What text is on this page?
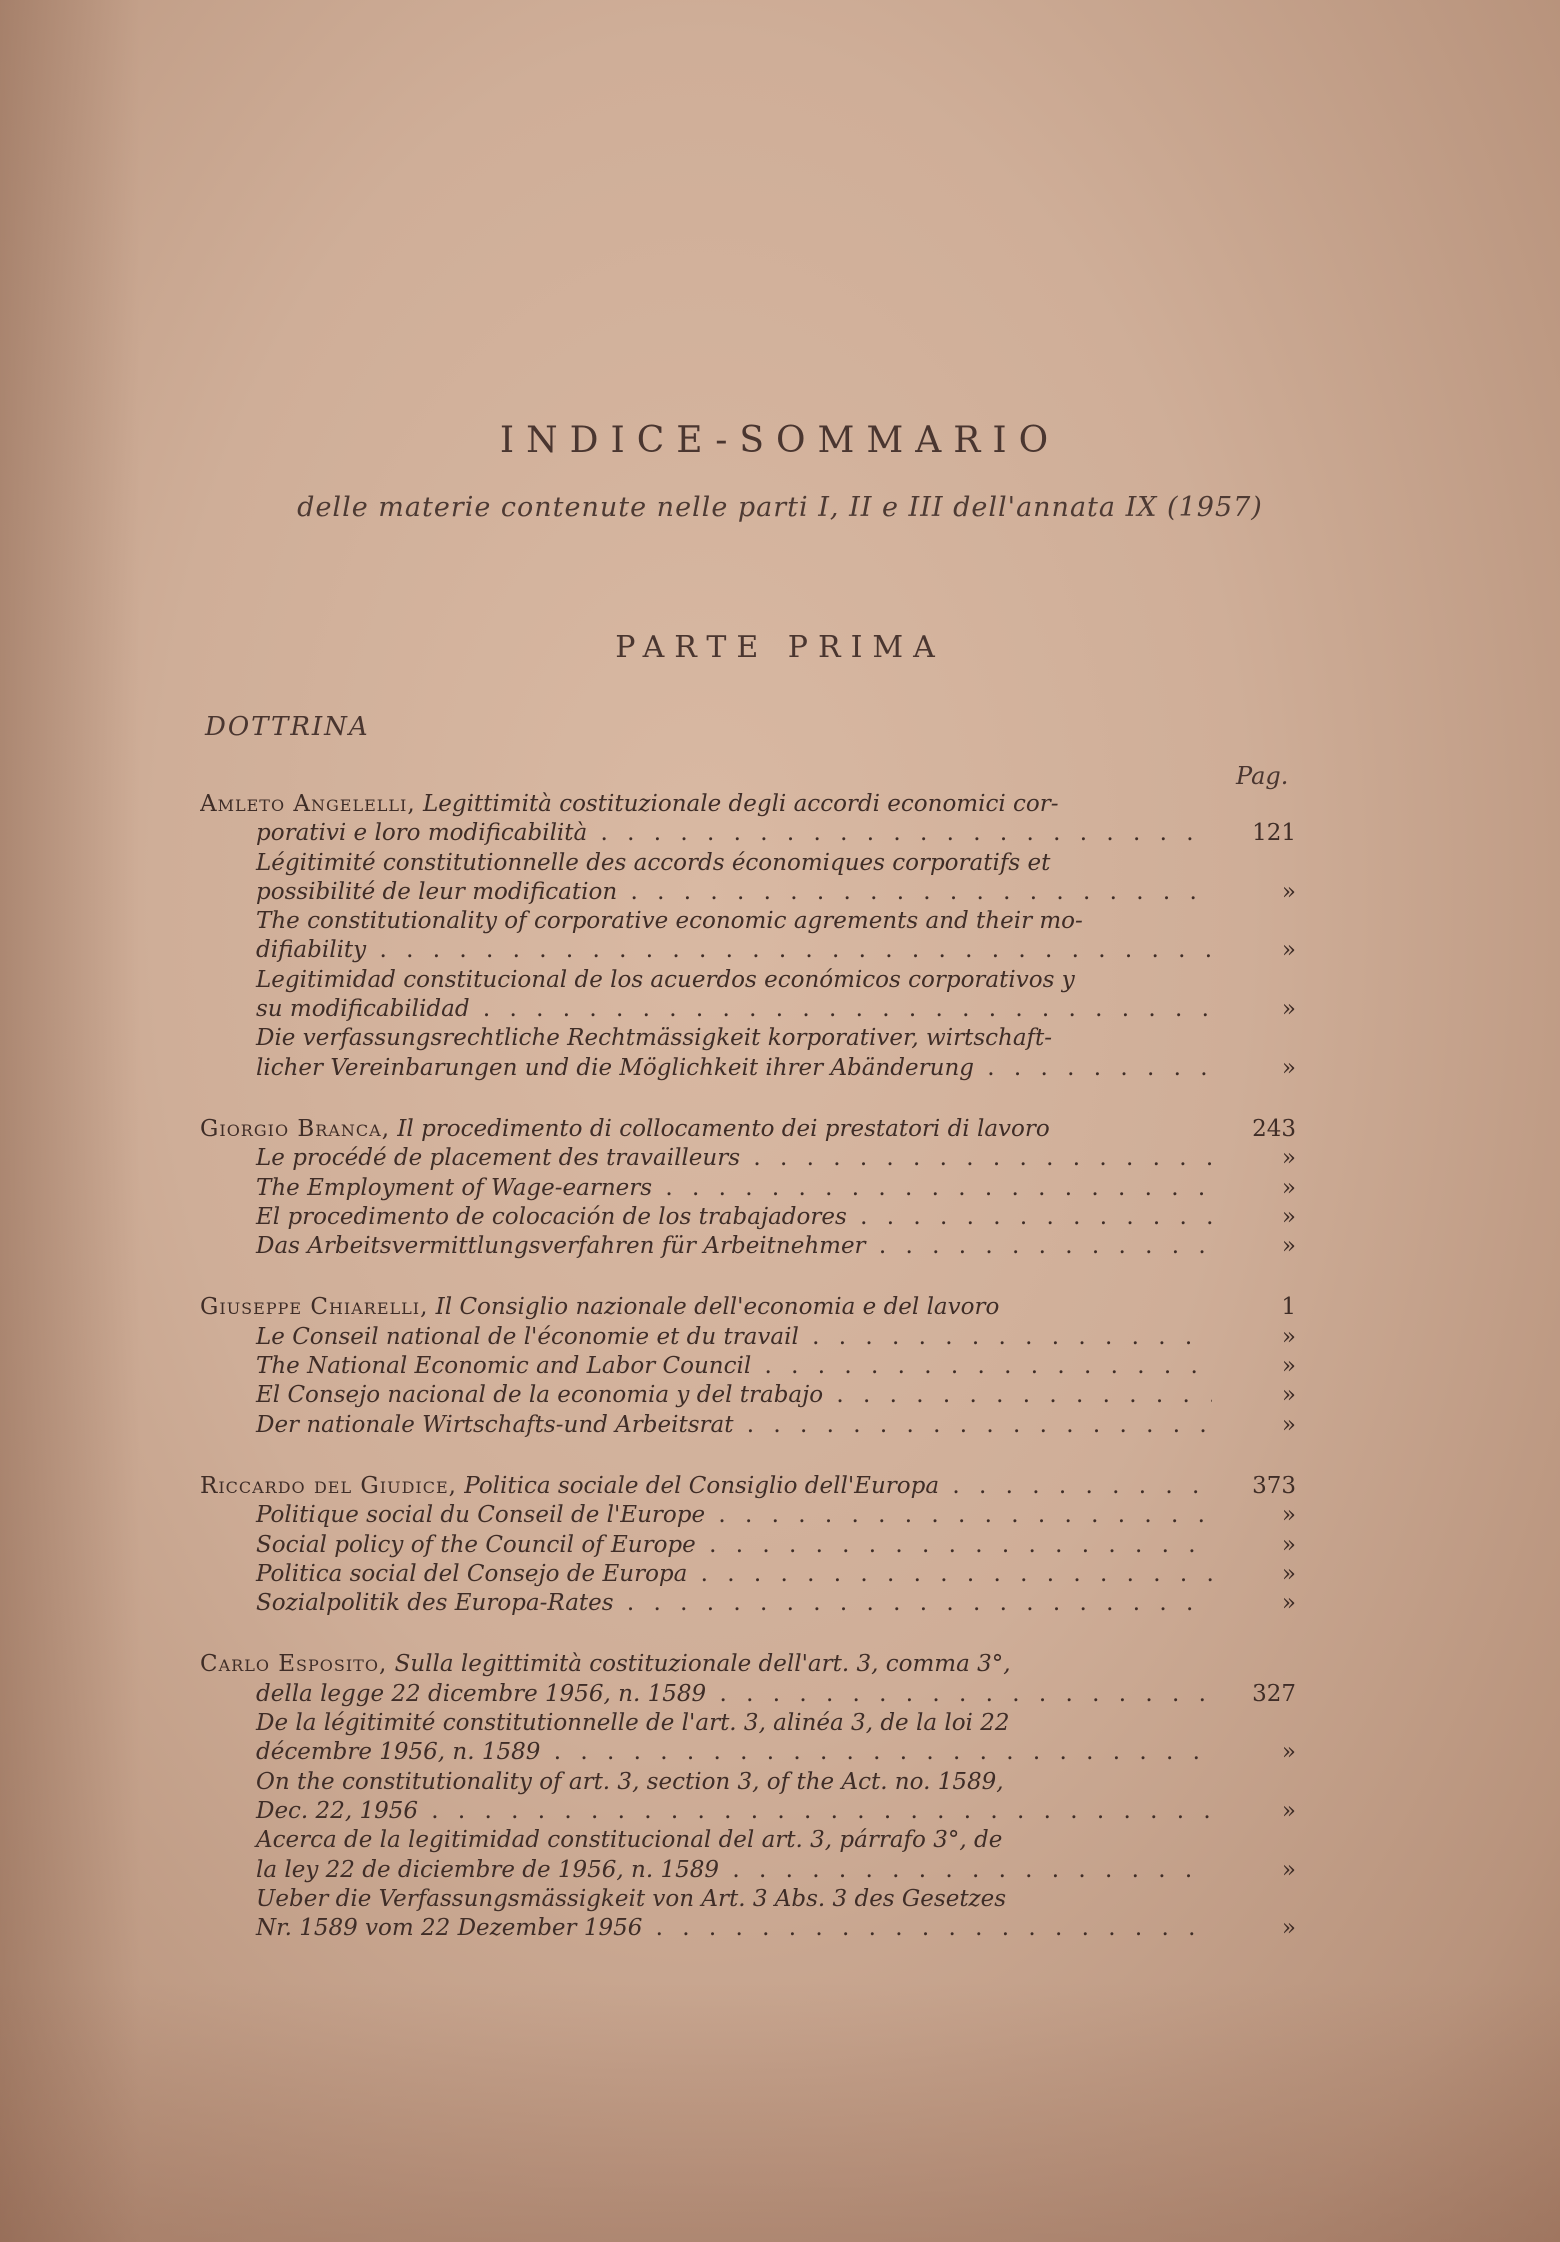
INDICE-SOMMARIO
delle materie contenute nelle parti I, II e III dell'annata IX (1957)
PARTE PRIMA
DOTTRINA
Pag.
Amleto Angelelli, Legittimità costituzionale degli accordi economici cor-
porativi e loro modificabilità . . .	121
Légitimité constitutionnelle des accords économiques corporatifs et
possibilité de leur modification . . .	»
The constitutionality of corporative economic agrements and their mo-
difiability . . .	»
Legitimidad constitucional de los acuerdos económicos corporativos y
su modificabilidad . . .	»
Die verfassungsrechtliche Rechtmässigkeit korporativer, wirtschaft-
licher Vereinbarungen und die Möglichkeit ihrer Abänderung . . .	»
Giorgio Branca, Il procedimento di collocamento dei prestatori di lavoro	243
Le procédé de placement des travailleurs . . .	»
The Employment of Wage-earners . . .	»
El procedimento de colocación de los trabajadores . . .	»
Das Arbeitsvermittlungsverfahren für Arbeitnehmer . . .	»
Giuseppe Chiarelli, Il Consiglio nazionale dell'economia e del lavoro	1
Le Conseil national de l'économie et du travail . . .	»
The National Economic and Labor Council . . .	»
El Consejo nacional de la economia y del trabajo . . .	»
Der nationale Wirtschafts-und Arbeitsrat . . .	»
Riccardo del Giudice, Politica sociale del Consiglio dell'Europa . . .	373
Politique social du Conseil de l'Europe . . .	»
Social policy of the Council of Europe . . .	»
Politica social del Consejo de Europa . . .	»
Sozialpolitik des Europa-Rates . . .	»
Carlo Esposito, Sulla legittimità costituzionale dell'art. 3, comma 3°,
della legge 22 dicembre 1956, n. 1589 . . .	327
De la légitimité constitutionnelle de l'art. 3, alinéa 3, de la loi 22
décembre 1956, n. 1589 . . .	»
On the constitutionality of art. 3, section 3, of the Act. no. 1589,
Dec. 22, 1956 . . .	»
Acerca de la legitimidad constitucional del art. 3, párrafo 3°, de
la ley 22 de diciembre de 1956, n. 1589 . . .	»
Ueber die Verfassungsmässigkeit von Art. 3 Abs. 3 des Gesetzes
Nr. 1589 vom 22 Dezember 1956 . . .	»
